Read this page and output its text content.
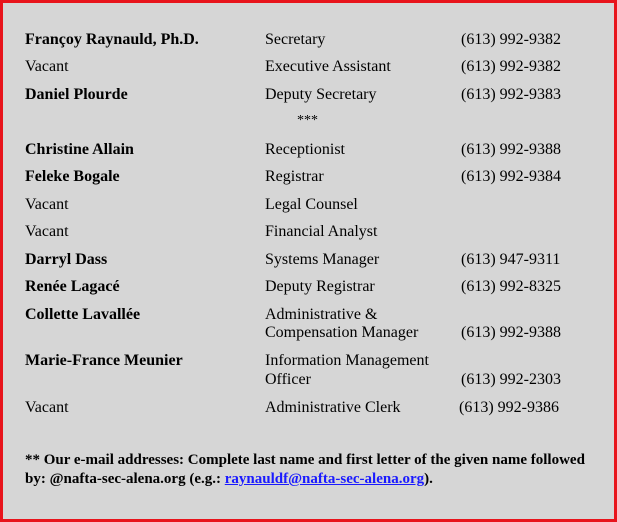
Françoy Raynauld, Ph.D.	Secretary	(613) 992-9382
Vacant	Executive Assistant	(613) 992-9382
Daniel Plourde	Deputy Secretary	(613) 992-9383
***
Christine Allain	Receptionist	(613) 992-9388
Feleke Bogale	Registrar	(613) 992-9384
Vacant	Legal Counsel
Vacant	Financial Analyst
Darryl Dass	Systems Manager	(613) 947-9311
Renée Lagacé	Deputy Registrar	(613) 992-8325
Collette Lavallée	Administrative &
Compensation Manager	(613) 992-9388
Marie-France Meunier	Information Management
Officer	(613) 992-2303
Vacant	Administrative Clerk	(613) 992-9386
** Our e-mail addresses: Complete last name and first letter of the given name followed by: @nafta-sec-alena.org (e.g.: raynauldf@nafta-sec-alena.org).
